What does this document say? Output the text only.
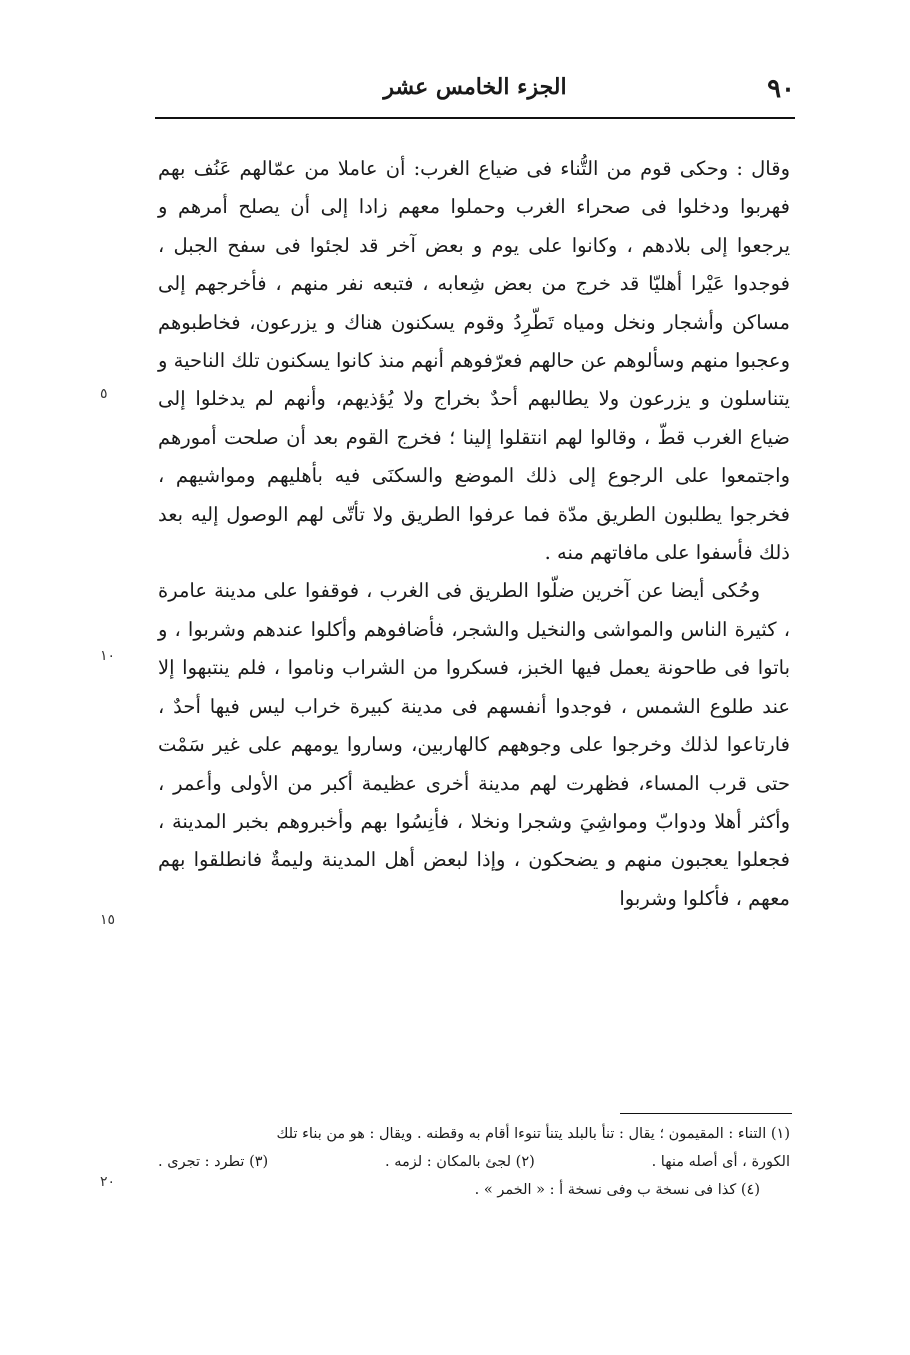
٩٠
الجزء الخامس عشر

وقال : وحكى قوم من التُّناء فى ضياع الغرب: أن عاملا من عمّالهم عَنُف بهم فهربوا ودخلوا فى صحراء الغرب وحملوا معهم زادا إلى أن يصلح أمرهم و يرجعوا إلى بلادهم ، وكانوا على يوم و بعض آخر قد لجئوا فى سفح الجبل ، فوجدوا عَيْرا أهليّا قد خرج من بعض شِعابه ، فتبعه نفر منهم ، فأخرجهم إلى مساكن وأشجار ونخل ومياه تَطّرِدُ وقوم يسكنون هناك و يزرعون، فخاطبوهم وعجبوا منهم وسألوهم عن حالهم فعرّفوهم أنهم منذ كانوا يسكنون تلك الناحية و يتناسلون و يزرعون ولا يطالبهم أحدٌ بخراج ولا يُؤذيهم، وأنهم لم يدخلوا إلى ضياع الغرب قطّ ، وقالوا لهم انتقلوا إلينا ؛ فخرج القوم بعد أن صلحت أمورهم واجتمعوا على الرجوع إلى ذلك الموضع والسكنَى فيه بأهليهم ومواشيهم ، فخرجوا يطلبون الطريق مدّة فما عرفوا الطريق ولا تأتّى لهم الوصول إليه بعد ذلك فأسفوا على مافاتهم منه .

وحُكى أيضا عن آخرين ضلّوا الطريق فى الغرب ، فوقفوا على مدينة عامرة ، كثيرة الناس والمواشى والنخيل والشجر، فأضافوهم وأكلوا عندهم وشربوا ، و باتوا فى طاحونة يعمل فيها الخبز، فسكروا من الشراب وناموا ، فلم ينتبهوا إلا عند طلوع الشمس ، فوجدوا أنفسهم فى مدينة كبيرة خراب ليس فيها أحدٌ ، فارتاعوا لذلك وخرجوا على وجوههم كالهاربين، وساروا يومهم على غير سَمْت حتى قرب المساء، فظهرت لهم مدينة أخرى عظيمة أكبر من الأولى وأعمر ، وأكثر أهلا ودوابّ ومواشِيَ وشجرا ونخلا ، فأنِسُوا بهم وأخبروهم بخبر المدينة ، فجعلوا يعجبون منهم و يضحكون ، وإذا لبعض أهل المدينة وليمةٌ فانطلقوا بهم معهم ، فأكلوا وشربوا

٥
١٠
١٥
(١) التناء : المقيمون ؛ يقال : تنأ بالبلد يتنأ تنوءا أقام به وقطنه . ويقال : هو من بناء تلك
الكورة ، أى أصله منها .
(٢) لجئ بالمكان : لزمه .
(٣) تطرد : تجرى .
(٤) كذا فى نسخة ب وفى نسخة أ : « الخمر » .
٢٠
